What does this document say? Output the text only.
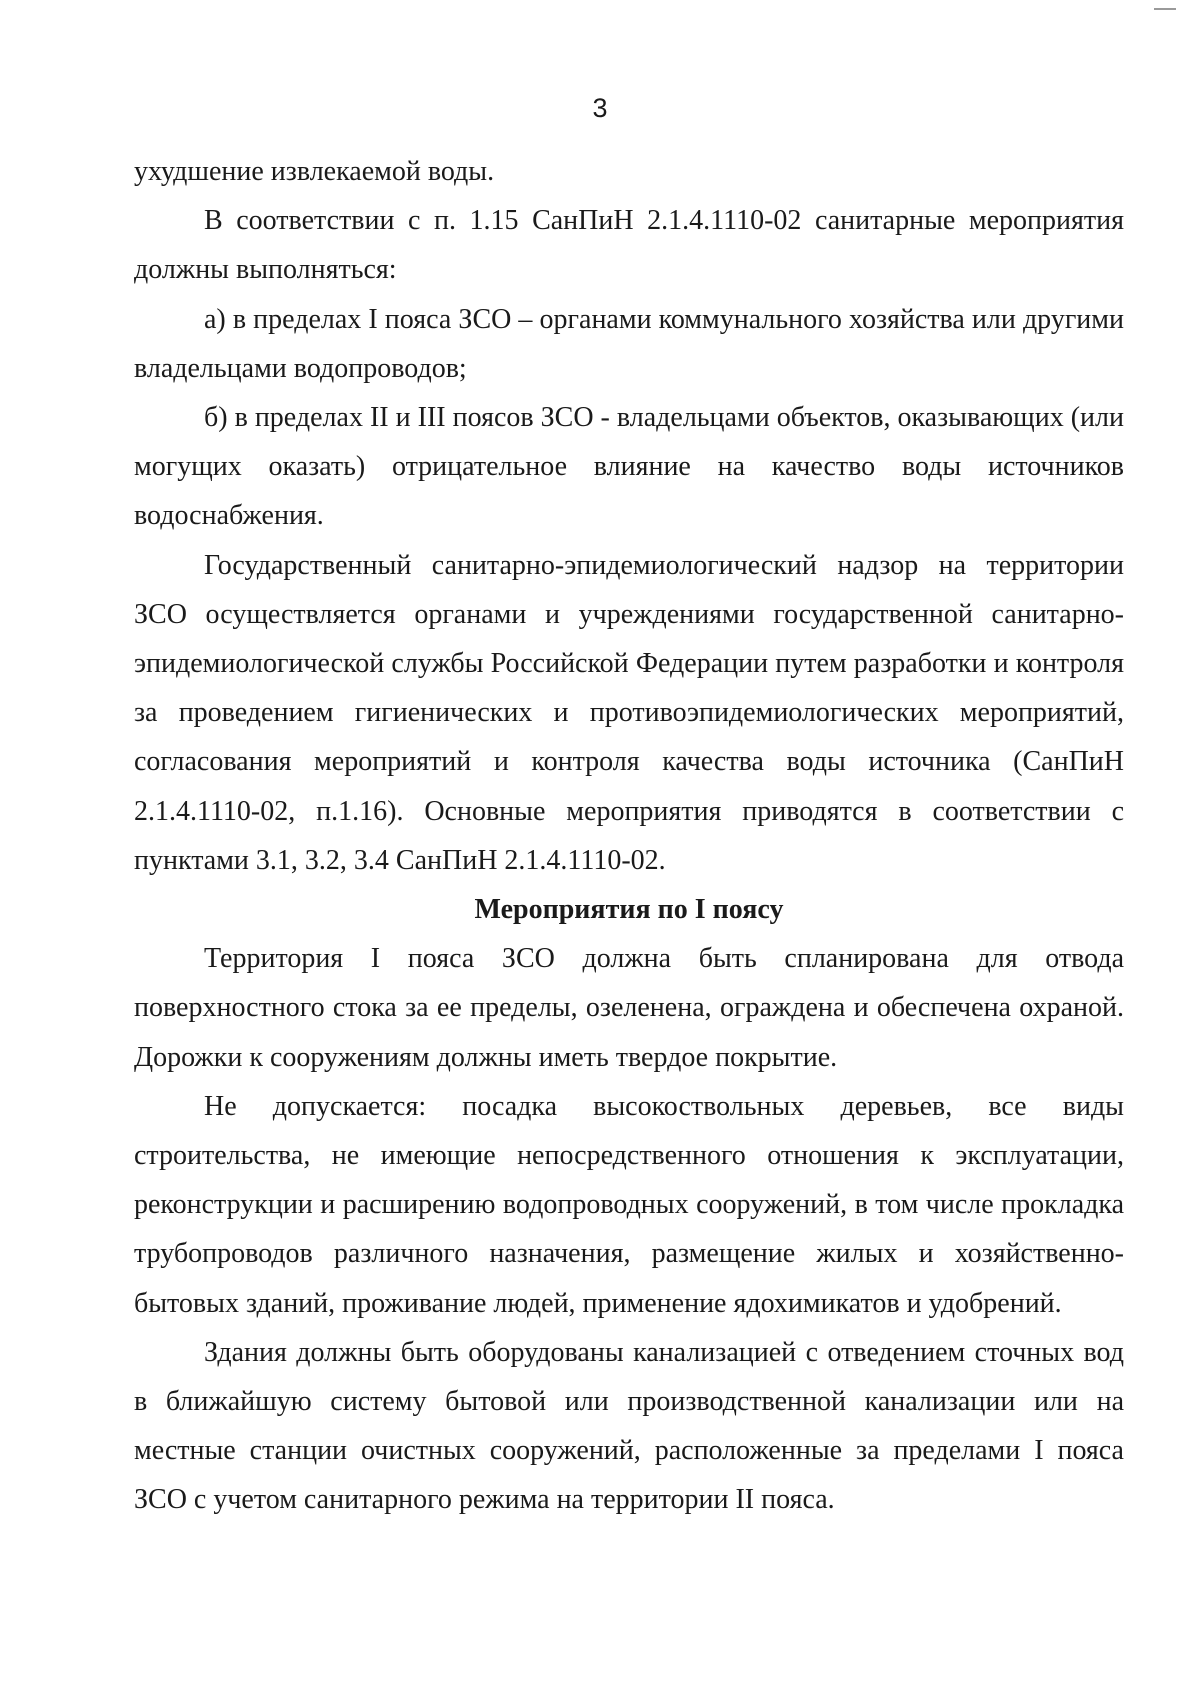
3

ухудшение извлекаемой воды.

В соответствии с п. 1.15 СанПиН 2.1.4.1110-02 санитарные мероприятия должны выполняться:

а) в пределах I пояса ЗСО – органами коммунального хозяйства или другими владельцами водопроводов;

б) в пределах II и III поясов ЗСО - владельцами объектов, оказывающих (или могущих оказать) отрицательное влияние на качество воды источников водоснабжения.

Государственный санитарно-эпидемиологический надзор на территории ЗСО осуществляется органами и учреждениями государственной санитарно-эпидемиологической службы Российской Федерации путем разработки и контроля за проведением гигиенических и противоэпидемиологических мероприятий, согласования мероприятий и контроля качества воды источника (СанПиН 2.1.4.1110-02, п.1.16). Основные мероприятия приводятся в соответствии с пунктами 3.1, 3.2, 3.4 СанПиН 2.1.4.1110-02.

Мероприятия по I поясу

Территория I пояса ЗСО должна быть спланирована для отвода поверхностного стока за ее пределы, озеленена, ограждена и обеспечена охраной. Дорожки к сооружениям должны иметь твердое покрытие.

Не допускается: посадка высокоствольных деревьев, все виды строительства, не имеющие непосредственного отношения к эксплуатации, реконструкции и расширению водопроводных сооружений, в том числе прокладка трубопроводов различного назначения, размещение жилых и хозяйственно-бытовых зданий, проживание людей, применение ядохимикатов и удобрений.

Здания должны быть оборудованы канализацией с отведением сточных вод в ближайшую систему бытовой или производственной канализации или на местные станции очистных сооружений, расположенные за пределами I пояса ЗСО с учетом санитарного режима на территории II пояса.
